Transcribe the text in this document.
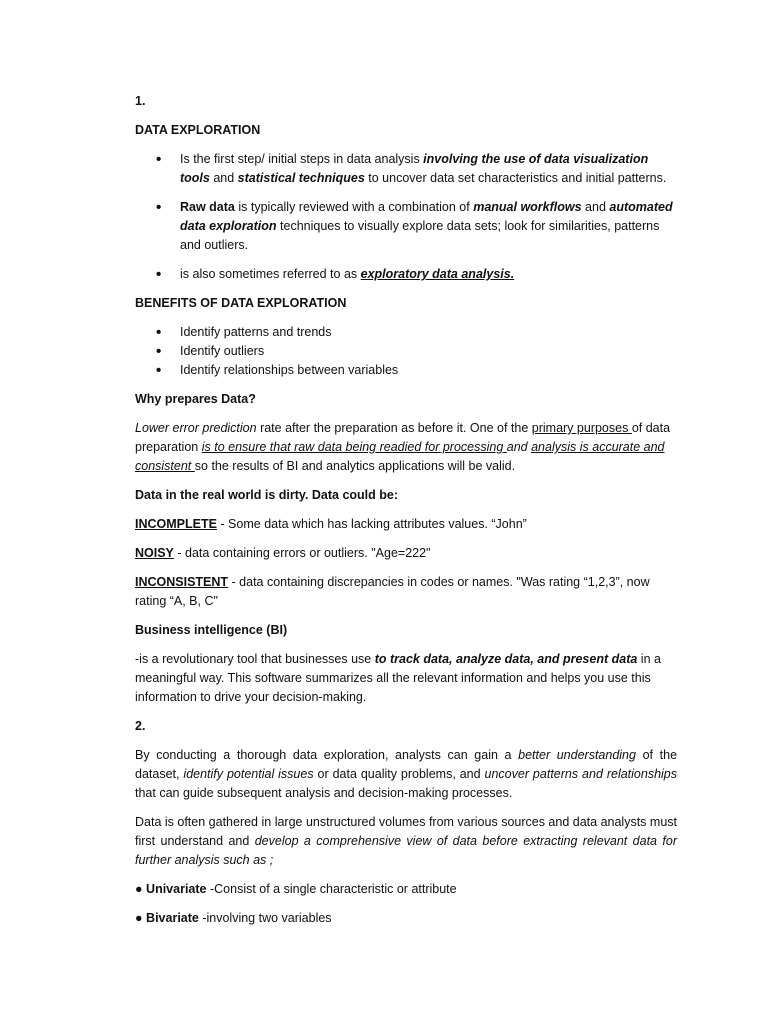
1.

DATA EXPLORATION

• Is the first step/ initial steps in data analysis involving the use of data visualization tools and statistical techniques to uncover data set characteristics and initial patterns.
• Raw data is typically reviewed with a combination of manual workflows and automated data exploration techniques to visually explore data sets; look for similarities, patterns and outliers.
• is also sometimes referred to as exploratory data analysis.

BENEFITS OF DATA EXPLORATION

• Identify patterns and trends
• Identify outliers
• Identify relationships between variables

Why prepares Data?

Lower error prediction rate after the preparation as before it. One of the primary purposes of data preparation is to ensure that raw data being readied for processing and analysis is accurate and consistent so the results of BI and analytics applications will be valid.

Data in the real world is dirty. Data could be:

INCOMPLETE - Some data which has lacking attributes values. “John”

NOISY - data containing errors or outliers. "Age=222"

INCONSISTENT - data containing discrepancies in codes or names. "Was rating “1,2,3”, now rating “A, B, C"

Business intelligence (BI)

-is a revolutionary tool that businesses use to track data, analyze data, and present data in a meaningful way. This software summarizes all the relevant information and helps you use this information to drive your decision-making.

2.

By conducting a thorough data exploration, analysts can gain a better understanding of the dataset, identify potential issues or data quality problems, and uncover patterns and relationships that can guide subsequent analysis and decision-making processes.

Data is often gathered in large unstructured volumes from various sources and data analysts must first understand and develop a comprehensive view of data before extracting relevant data for further analysis such as ;

● Univariate -Consist of a single characteristic or attribute

● Bivariate -involving two variables
